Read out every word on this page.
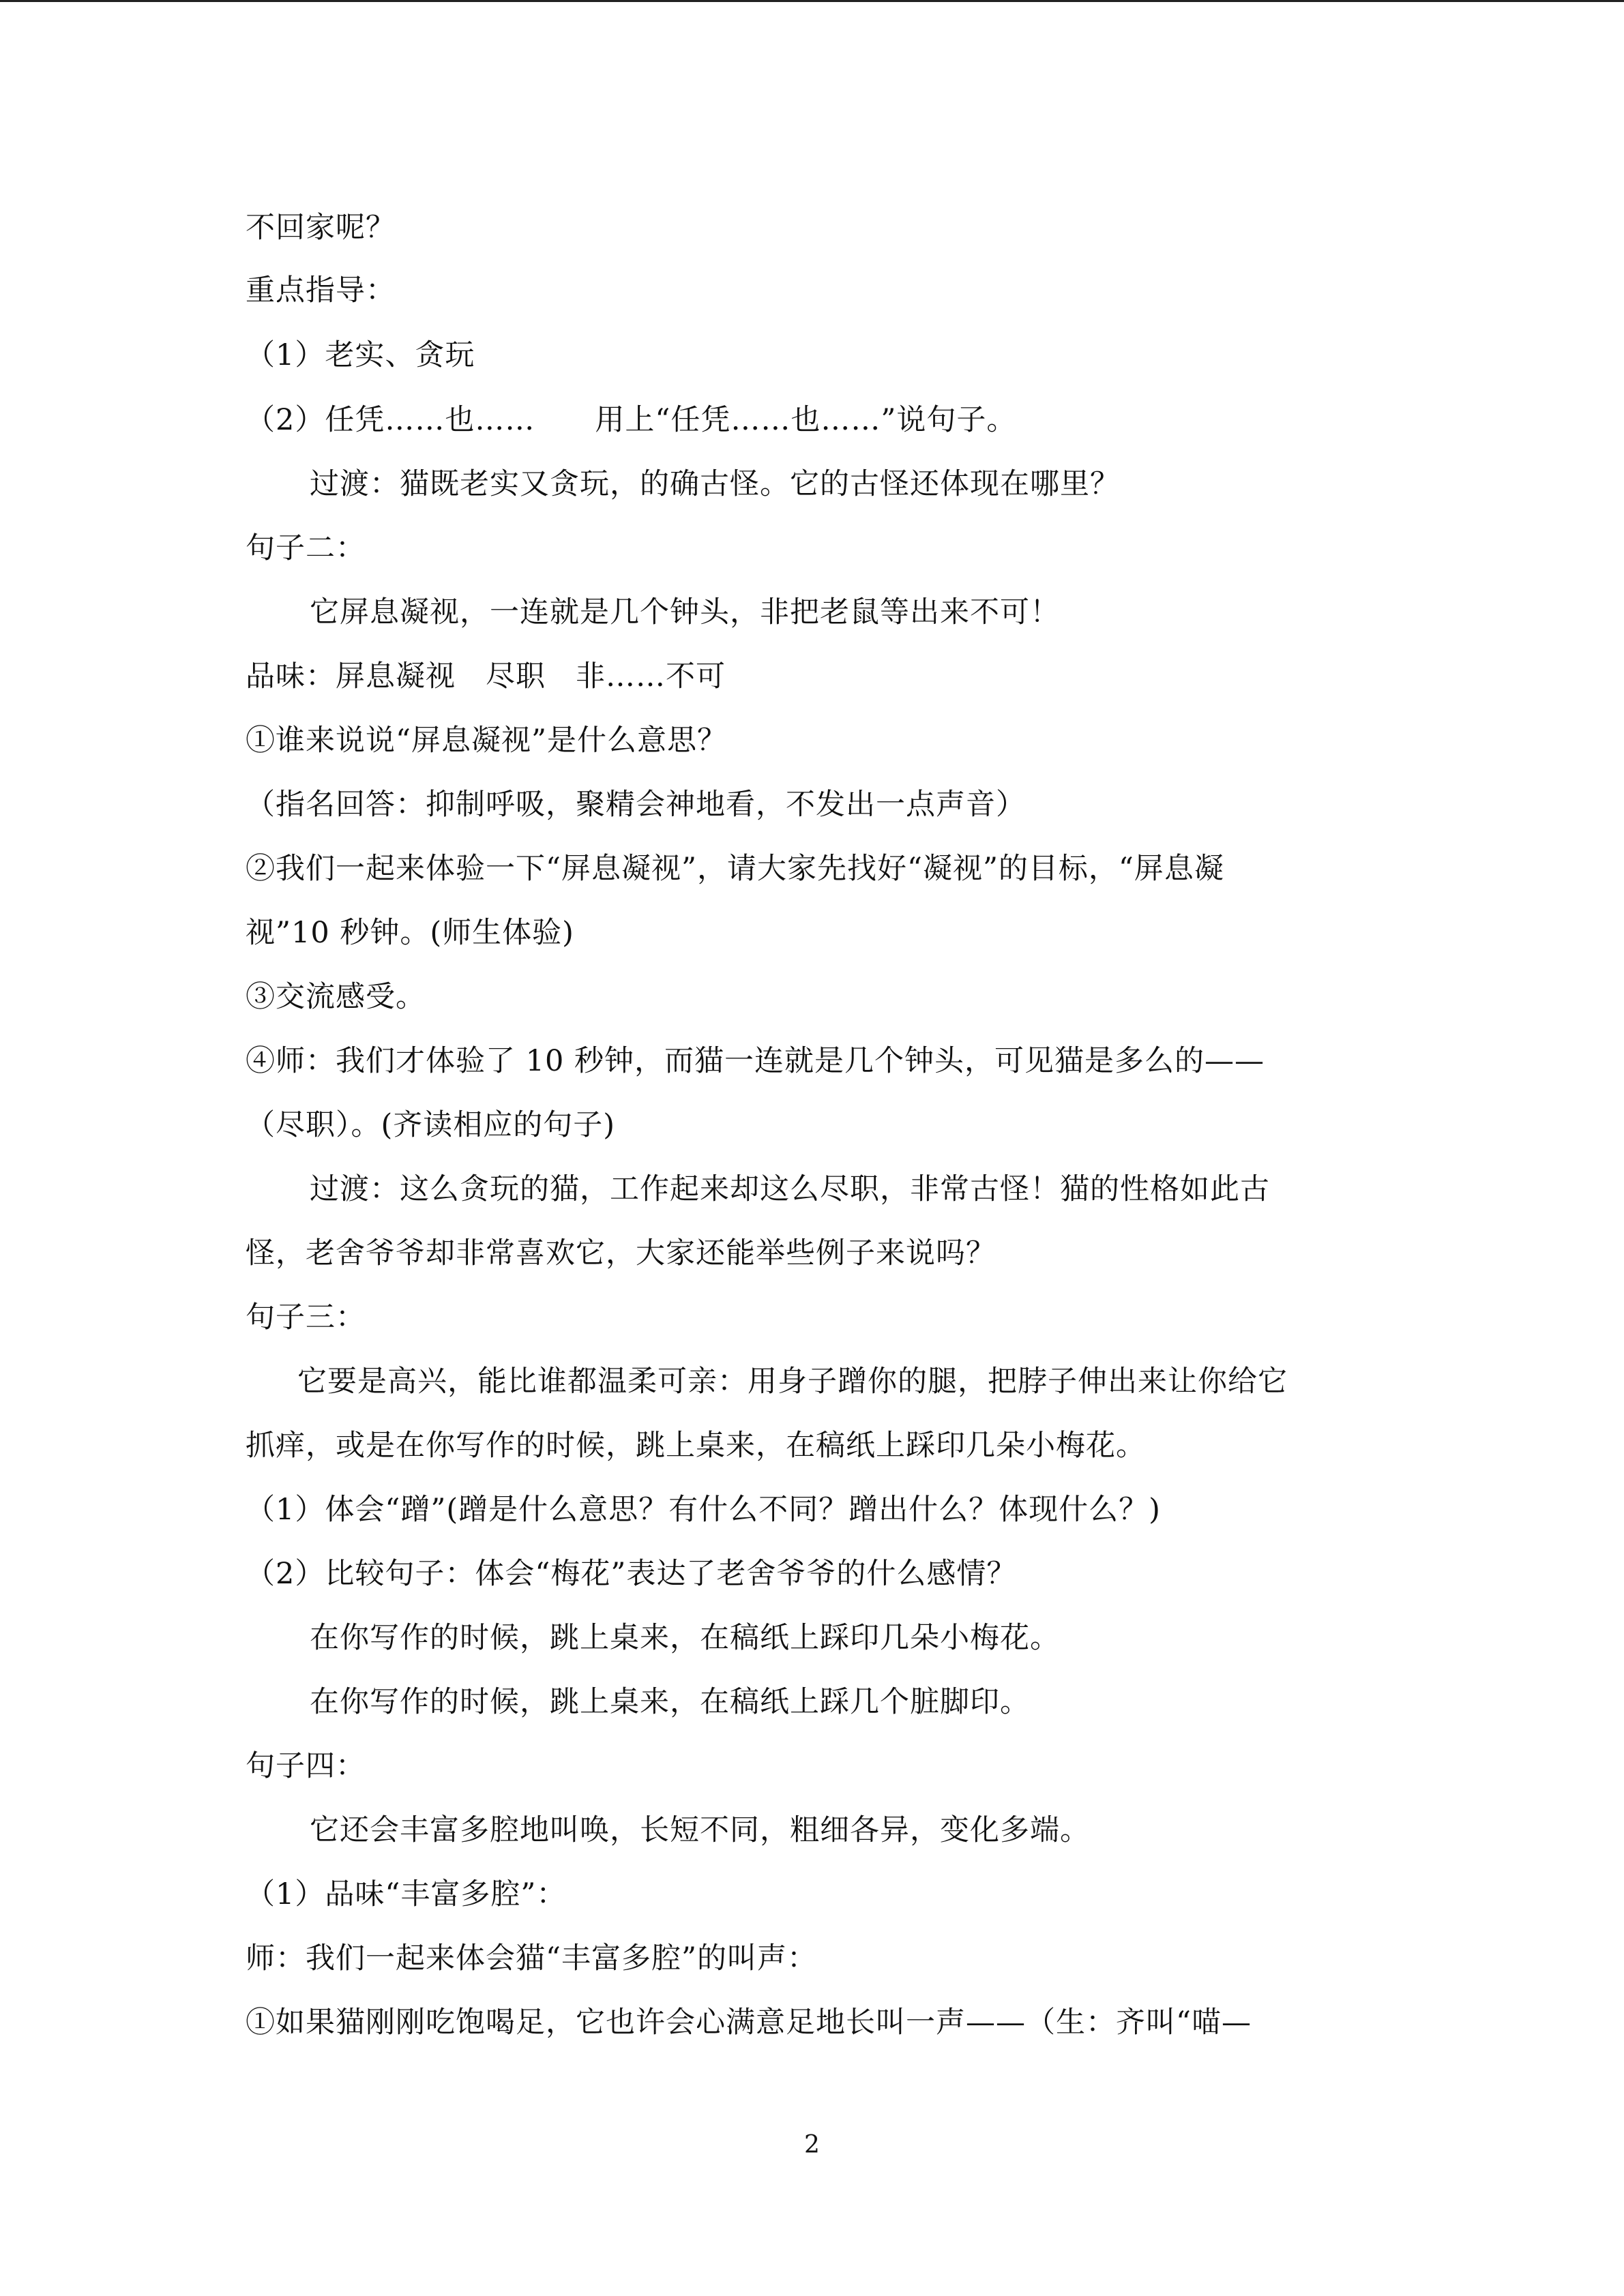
不回家呢？
重点指导：
（1）老实、贪玩
（2）任凭……也……　　用上“任凭……也……”说句子。
过渡：猫既老实又贪玩，的确古怪。它的古怪还体现在哪里？
句子二：
它屏息凝视，一连就是几个钟头，非把老鼠等出来不可！
品味：屏息凝视　尽职　非……不可
①谁来说说“屏息凝视”是什么意思？
（指名回答：抑制呼吸，聚精会神地看，不发出一点声音）
②我们一起来体验一下“屏息凝视”，请大家先找好“凝视”的目标，“屏息凝
视”10 秒钟。(师生体验)
③交流感受。
④师：我们才体验了 10 秒钟，而猫一连就是几个钟头，可见猫是多么的——
（尽职）。(齐读相应的句子)
过渡：这么贪玩的猫，工作起来却这么尽职，非常古怪！猫的性格如此古
怪，老舍爷爷却非常喜欢它，大家还能举些例子来说吗？
句子三：
它要是高兴，能比谁都温柔可亲：用身子蹭你的腿，把脖子伸出来让你给它
抓痒，或是在你写作的时候，跳上桌来，在稿纸上踩印几朵小梅花。
（1）体会“蹭”(蹭是什么意思？有什么不同？蹭出什么？体现什么？)
（2）比较句子：体会“梅花”表达了老舍爷爷的什么感情？
在你写作的时候，跳上桌来，在稿纸上踩印几朵小梅花。
在你写作的时候，跳上桌来，在稿纸上踩几个脏脚印。
句子四：
它还会丰富多腔地叫唤，长短不同，粗细各异，变化多端。
（1）品味“丰富多腔”：
师：我们一起来体会猫“丰富多腔”的叫声：
①如果猫刚刚吃饱喝足，它也许会心满意足地长叫一声——（生：齐叫“喵—
2
